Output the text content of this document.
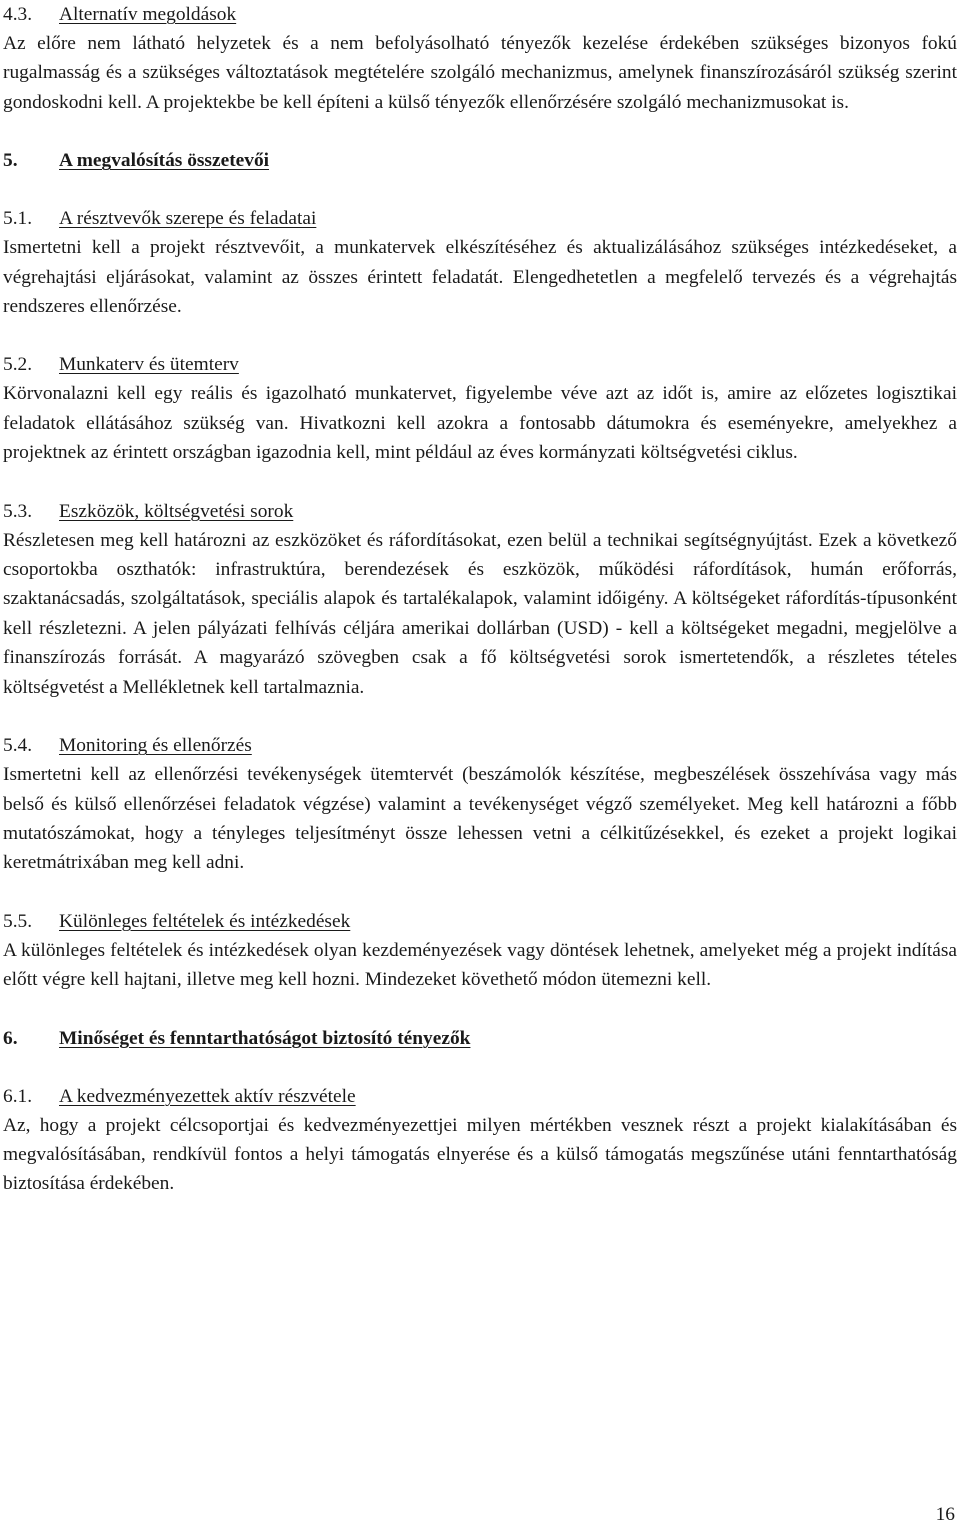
4.3. Alternatív megoldások

Az előre nem látható helyzetek és a nem befolyásolható tényezők kezelése érdekében szükséges bizonyos fokú rugalmasság és a szükséges változtatások megtételére szolgáló mechanizmus, amelynek finanszírozásáról szükség szerint gondoskodni kell. A projektekbe be kell építeni a külső tényezők ellenőrzésére szolgáló mechanizmusokat is.

5. A megvalósítás összetevői
5.1. A résztvevők szerepe és feladatai

Ismertetni kell a projekt résztvevőit, a munkatervek elkészítéséhez és aktualizálásához szükséges intézkedéseket, a végrehajtási eljárásokat, valamint az összes érintett feladatát. Elengedhetetlen a megfelelő tervezés és a végrehajtás rendszeres ellenőrzése.

5.2. Munkaterv és ütemterv

Körvonalazni kell egy reális és igazolható munkatervet, figyelembe véve azt az időt is, amire az előzetes logisztikai feladatok ellátásához szükség van. Hivatkozni kell azokra a fontosabb dátumokra és eseményekre, amelyekhez a projektnek az érintett országban igazodnia kell, mint például az éves kormányzati költségvetési ciklus.

5.3. Eszközök, költségvetési sorok

Részletesen meg kell határozni az eszközöket és ráfordításokat, ezen belül a technikai segítségnyújtást. Ezek a következő csoportokba oszthatók: infrastruktúra, berendezések és eszközök, működési ráfordítások, humán erőforrás, szaktanácsadás, szolgáltatások, speciális alapok és tartalékalapok, valamint időigény. A költségeket ráfordítás-típusonként kell részletezni. A jelen pályázati felhívás céljára amerikai dollárban (USD) - kell a költségeket megadni, megjelölve a finanszírozás forrását. A magyarázó szövegben csak a fő költségvetési sorok ismertetendők, a részletes tételes költségvetést a Mellékletnek kell tartalmaznia.

5.4. Monitoring és ellenőrzés

Ismertetni kell az ellenőrzési tevékenységek ütemtervét (beszámolók készítése, megbeszélések összehívása vagy más belső és külső ellenőrzései feladatok végzése) valamint a tevékenységet végző személyeket. Meg kell határozni a főbb mutatószámokat, hogy a tényleges teljesítményt össze lehessen vetni a célkitűzésekkel, és ezeket a projekt logikai keretmátrixában meg kell adni.

5.5. Különleges feltételek és intézkedések

A különleges feltételek és intézkedések olyan kezdeményezések vagy döntések lehetnek, amelyeket még a projekt indítása előtt végre kell hajtani, illetve meg kell hozni. Mindezeket követhető módon ütemezni kell.

6. Minőséget és fenntarthatóságot biztosító tényezők
6.1. A kedvezményezettek aktív részvétele

Az, hogy a projekt célcsoportjai és kedvezményezettjei milyen mértékben vesznek részt a projekt kialakításában és megvalósításában, rendkívül fontos a helyi támogatás elnyerése és a külső támogatás megszűnése utáni fenntarthatóság biztosítása érdekében.

16
